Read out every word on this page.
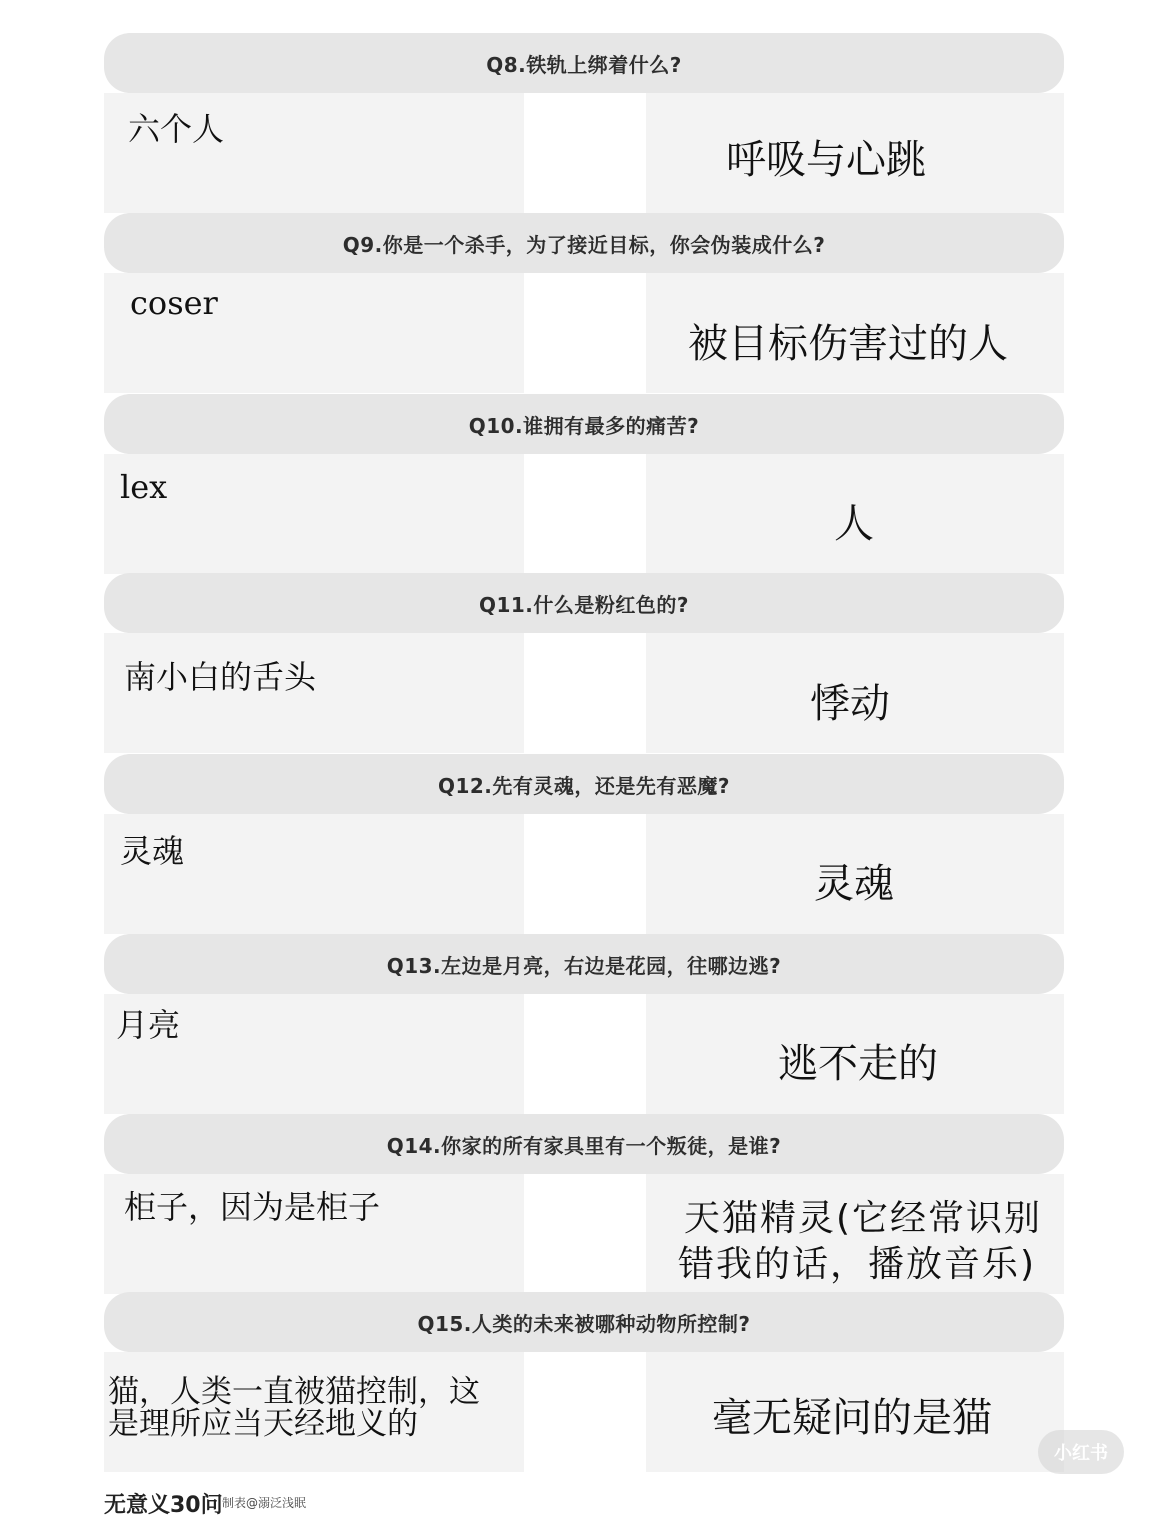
Q8.铁轨上绑着什么?
Q9.你是一个杀手，为了接近目标，你会伪装成什么?
Q10.谁拥有最多的痛苦?
Q11.什么是粉红色的?
Q12.先有灵魂，还是先有恶魔?
Q13.左边是月亮，右边是花园，往哪边逃?
Q14.你家的所有家具里有一个叛徒，是谁?
Q15.人类的未来被哪种动物所控制?
六个人
呼吸与心跳
coser
被目标伤害过的人
lex
人
南小白的舌头
悸动
灵魂
灵魂
月亮
逃不走的
柜子，因为是柜子	天猫精灵(它经常识别
错我的话，播放音乐)
猫，人类一直被猫控制，这
是理所应当天经地义的	毫无疑问的是猫
小红书
无意义30问 制表@溺泛浅眠
